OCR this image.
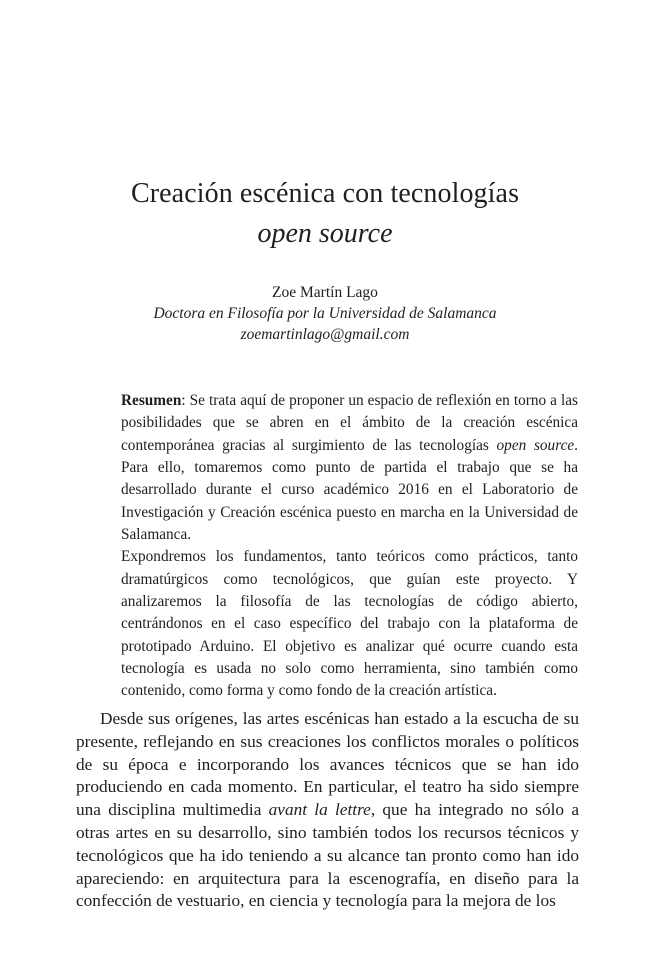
Creación escénica con tecnologías
open source
Zoe Martín Lago
Doctora en Filosofía por la Universidad de Salamanca
zoemartinlago@gmail.com

Resumen: Se trata aquí de proponer un espacio de reflexión en torno a las posibilidades que se abren en el ámbito de la creación escénica contemporánea gracias al surgimiento de las tecnologías open source. Para ello, tomaremos como punto de partida el trabajo que se ha desarrollado durante el curso académico 2016 en el Laboratorio de Investigación y Creación escénica puesto en marcha en la Universidad de Salamanca.

Expondremos los fundamentos, tanto teóricos como prácticos, tanto dramatúrgicos como tecnológicos, que guían este proyecto. Y analizaremos la filosofía de las tecnologías de código abierto, centrándonos en el caso específico del trabajo con la plataforma de prototipado Arduino. El objetivo es analizar qué ocurre cuando esta tecnología es usada no solo como herramienta, sino también como contenido, como forma y como fondo de la creación artística.

Desde sus orígenes, las artes escénicas han estado a la escucha de su presente, reflejando en sus creaciones los conflictos morales o políticos de su época e incorporando los avances técnicos que se han ido produciendo en cada momento. En particular, el teatro ha sido siempre una disciplina multimedia avant la lettre, que ha integrado no sólo a otras artes en su desarrollo, sino también todos los recursos técnicos y tecnológicos que ha ido teniendo a su alcance tan pronto como han ido apareciendo: en arquitectura para la escenografía, en diseño para la confección de vestuario, en ciencia y tecnología para la mejora de los
